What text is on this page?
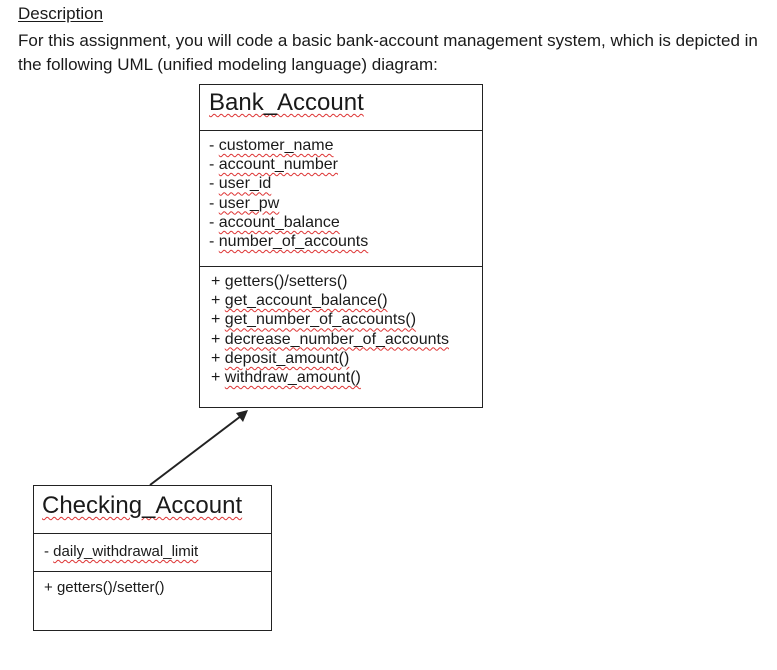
Description
For this assignment, you will code a basic bank-account management system, which is depicted in the following UML (unified modeling language) diagram:
Bank_Account
- customer_name
- account_number
- user_id
- user_pw
- account_balance
- number_of_accounts
+ getters()/setters()
+ get_account_balance()
+ get_number_of_accounts()
+ decrease_number_of_accounts
+ deposit_amount()
+ withdraw_amount()
Checking_Account
- daily_withdrawal_limit
+ getters()/setter()
